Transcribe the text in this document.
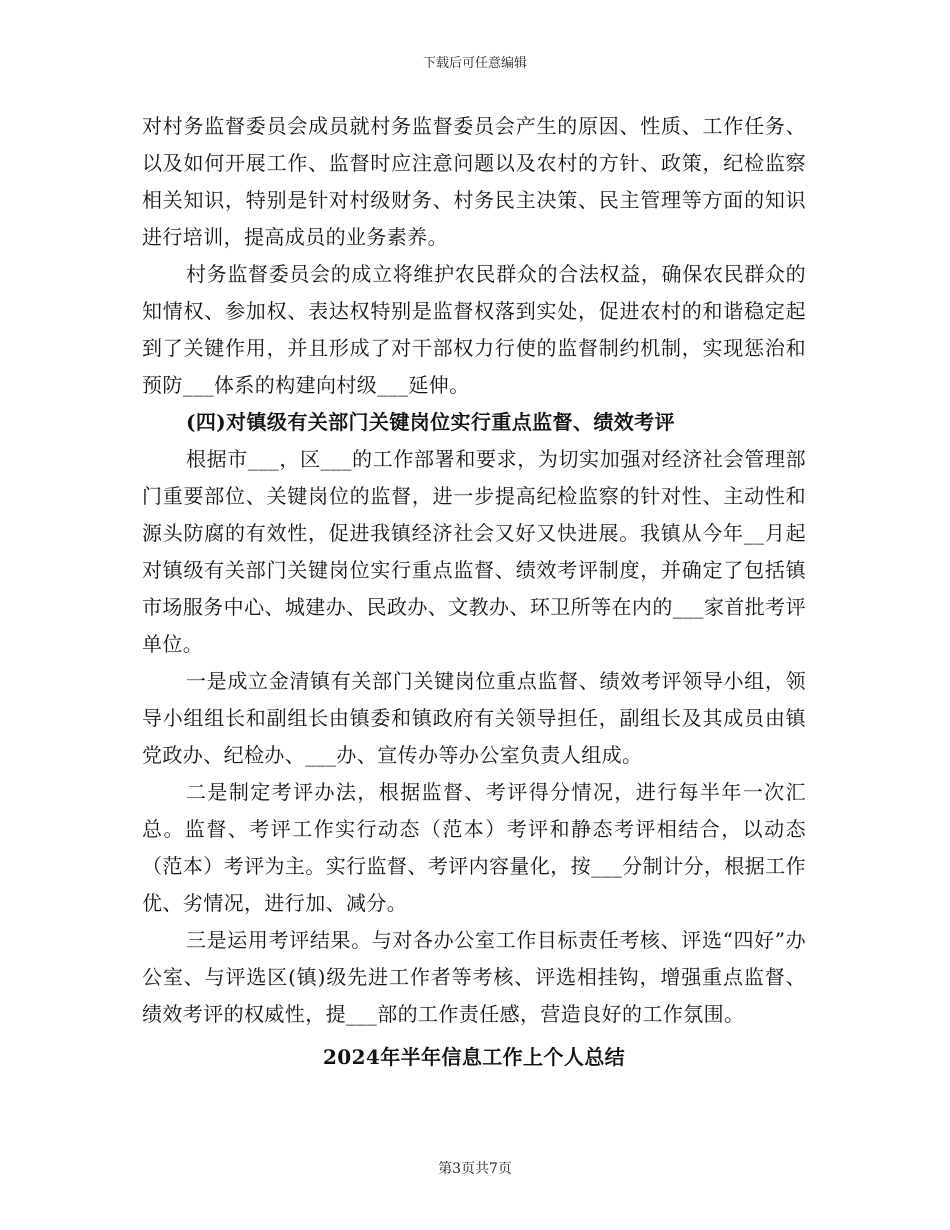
下载后可任意编辑

对村务监督委员会成员就村务监督委员会产生的原因、性质、工作任务、以及如何开展工作、监督时应注意问题以及农村的方针、政策，纪检监察相关知识，特别是针对村级财务、村务民主决策、民主管理等方面的知识进行培训，提高成员的业务素养。

村务监督委员会的成立将维护农民群众的合法权益，确保农民群众的知情权、参加权、表达权特别是监督权落到实处，促进农村的和谐稳定起到了关键作用，并且形成了对干部权力行使的监督制约机制，实现惩治和预防___体系的构建向村级___延伸。

(四)对镇级有关部门关键岗位实行重点监督、绩效考评

根据市___，区___的工作部署和要求，为切实加强对经济社会管理部门重要部位、关键岗位的监督，进一步提高纪检监察的针对性、主动性和源头防腐的有效性，促进我镇经济社会又好又快进展。我镇从今年__月起对镇级有关部门关键岗位实行重点监督、绩效考评制度，并确定了包括镇市场服务中心、城建办、民政办、文教办、环卫所等在内的___家首批考评单位。

一是成立金清镇有关部门关键岗位重点监督、绩效考评领导小组，领导小组组长和副组长由镇委和镇政府有关领导担任，副组长及其成员由镇党政办、纪检办、___办、宣传办等办公室负责人组成。

二是制定考评办法，根据监督、考评得分情况，进行每半年一次汇总。监督、考评工作实行动态（范本）考评和静态考评相结合，以动态（范本）考评为主。实行监督、考评内容量化，按___分制计分，根据工作优、劣情况，进行加、减分。

三是运用考评结果。与对各办公室工作目标责任考核、评选“四好”办公室、与评选区(镇)级先进工作者等考核、评选相挂钩，增强重点监督、绩效考评的权威性，提___部的工作责任感，营造良好的工作氛围。

2024年半年信息工作上个人总结

第3页共7页
